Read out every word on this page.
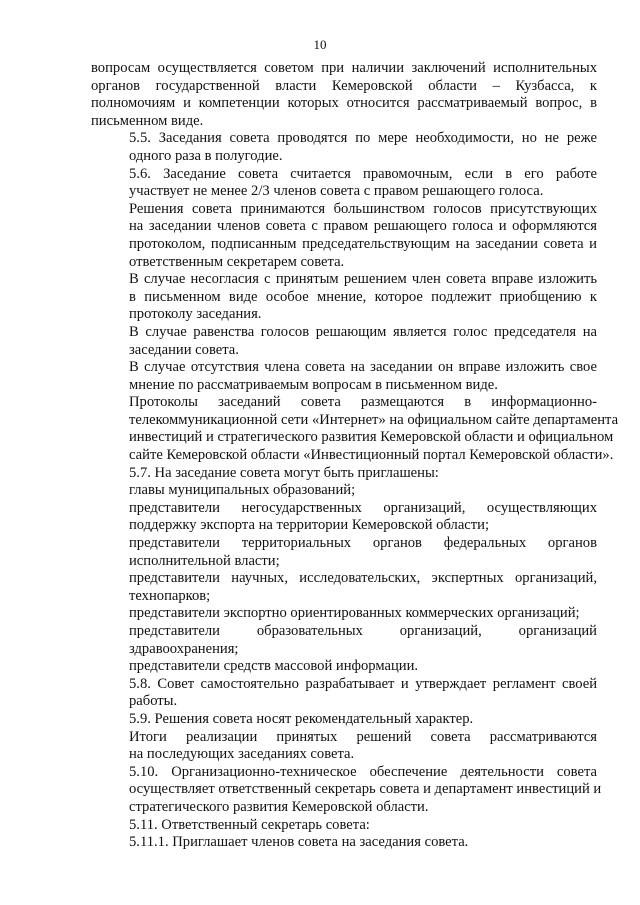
10

вопросам осуществляется советом при наличии заключений исполнительных
органов государственной власти Кемеровской области – Кузбасса, к
полномочиям и компетенции которых относится рассматриваемый вопрос, в
письменном виде.

5.5. Заседания совета проводятся по мере необходимости, но не реже
одного раза в полугодие.

5.6. Заседание совета считается правомочным, если в его работе
участвует не менее 2/3 членов совета с правом решающего голоса.

Решения совета принимаются большинством голосов присутствующих
на заседании членов совета с правом решающего голоса и оформляются
протоколом, подписанным председательствующим на заседании совета и
ответственным секретарем совета.

В случае несогласия с принятым решением член совета вправе изложить
в письменном виде особое мнение, которое подлежит приобщению к
протоколу заседания.

В случае равенства голосов решающим является голос председателя на
заседании совета.

В случае отсутствия члена совета на заседании он вправе изложить свое
мнение по рассматриваемым вопросам в письменном виде.

Протоколы заседаний совета размещаются в информационно-
телекоммуникационной сети «Интернет» на официальном сайте департамента
инвестиций и стратегического развития Кемеровской области и официальном
сайте Кемеровской области «Инвестиционный портал Кемеровской области».

5.7. На заседание совета могут быть приглашены:

главы муниципальных образований;

представители негосударственных организаций, осуществляющих
поддержку экспорта на территории Кемеровской области;

представители территориальных органов федеральных органов
исполнительной власти;

представители научных, исследовательских, экспертных организаций,
технопарков;

представители экспортно ориентированных коммерческих организаций;

представители образовательных организаций, организаций
здравоохранения;

представители средств массовой информации.

5.8. Совет самостоятельно разрабатывает и утверждает регламент своей
работы.

5.9. Решения совета носят рекомендательный характер.

Итоги реализации принятых решений совета рассматриваются
на последующих заседаниях совета.

5.10. Организационно-техническое обеспечение деятельности совета
осуществляет ответственный секретарь совета и департамент инвестиций и
стратегического развития Кемеровской области.

5.11. Ответственный секретарь совета:

5.11.1. Приглашает членов совета на заседания совета.
